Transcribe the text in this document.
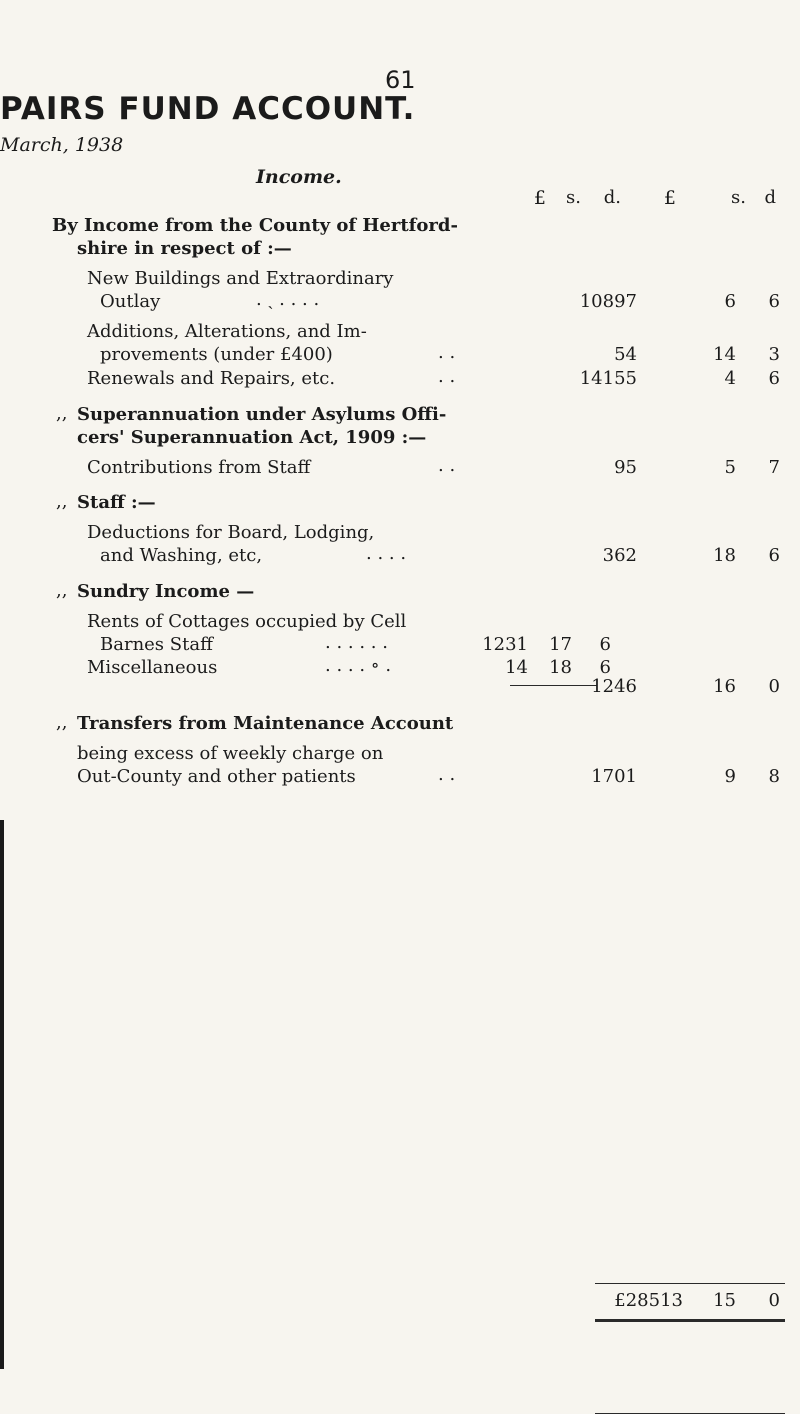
61
PAIRS FUND ACCOUNT.
March, 1938
Income.
£	s.	d.	£	s.	d
By Income from the County of Hertford-
shire in respect of :—
New Buildings and Extraordinary
Outlay	. ˎ . . . .	10897	6	6
Additions, Alterations, and Im-
provements (under £400)	. .	54	14	3
Renewals and Repairs, etc.	. .	14155	4	6
,, Superannuation under Asylums Offi-
cers' Superannuation Act, 1909 :—
Contributions from Staff	. .	95	5	7
,, Staff :—
Deductions for Board, Lodging,
and Washing, etc,	. . . .	362	18	6
,, Sundry Income —
Rents of Cottages occupied by Cell
Barnes Staff	. . . . . .	1231	17	6
Miscellaneous	. . . . ∘ .	14	18	6
1246	16	0
,, Transfers from Maintenance Account
being excess of weekly charge on
Out-County and other patients	. .	1701	9	8
£28513	15	0
